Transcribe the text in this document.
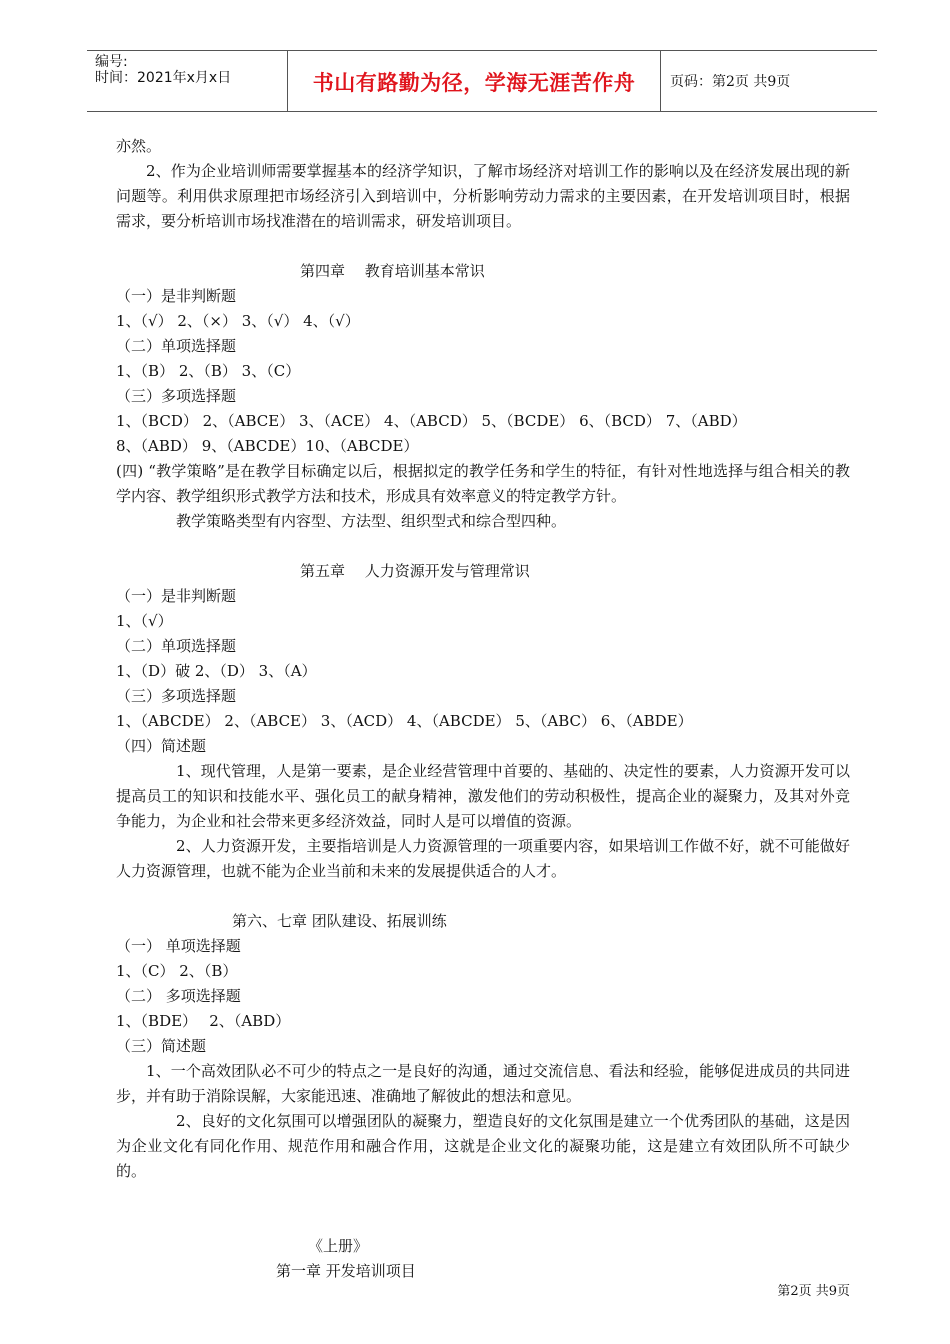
编号:
时间：2021年x月x日	书山有路勤为径，学海无涯苦作舟	页码：第2页 共9页

亦然。

2、作为企业培训师需要掌握基本的经济学知识，了解市场经济对培训工作的影响以及在经济发展出现的新问题等。利用供求原理把市场经济引入到培训中，分析影响劳动力需求的主要因素，在开发培训项目时，根据需求，要分析培训市场找准潜在的培训需求，研发培训项目。

第四章　 教育培训基本常识

（一）是非判断题

1、（√） 2、（×） 3、（√） 4、（√）

（二）单项选择题

1、（B） 2、（B） 3、（C）

（三）多项选择题

1、（BCD） 2、（ABCE） 3、（ACE） 4、（ABCD） 5、（BCDE） 6、（BCD） 7、（ABD）

8、（ABD） 9、（ABCDE）10、（ABCDE）

(四) “教学策略”是在教学目标确定以后，根据拟定的教学任务和学生的特征，有针对性地选择与组合相关的教学内容、教学组织形式教学方法和技术，形成具有效率意义的特定教学方针。

教学策略类型有内容型、方法型、组织型式和综合型四种。

第五章　 人力资源开发与管理常识

（一）是非判断题

1、（√）

（二）单项选择题

1、（D）破 2、（D） 3、（A）

（三）多项选择题

1、（ABCDE） 2、（ABCE） 3、（ACD） 4、（ABCDE） 5、（ABC） 6、（ABDE）

（四）简述题

1、现代管理，人是第一要素，是企业经营管理中首要的、基础的、决定性的要素，人力资源开发可以提高员工的知识和技能水平、强化员工的献身精神，激发他们的劳动积极性，提高企业的凝聚力，及其对外竞争能力，为企业和社会带来更多经济效益，同时人是可以增值的资源。

2、人力资源开发，主要指培训是人力资源管理的一项重要内容，如果培训工作做不好，就不可能做好人力资源管理，也就不能为企业当前和未来的发展提供适合的人才。

第六、七章 团队建设、拓展训练

（一） 单项选择题

1、（C） 2、（B）

（二） 多项选择题

1、（BDE）　 2、（ABD）

（三）简述题

1、一个高效团队必不可少的特点之一是良好的沟通，通过交流信息、看法和经验，能够促进成员的共同进步，并有助于消除误解，大家能迅速、准确地了解彼此的想法和意见。

2、良好的文化氛围可以增强团队的凝聚力，塑造良好的文化氛围是建立一个优秀团队的基础，这是因为企业文化有同化作用、规范作用和融合作用，这就是企业文化的凝聚功能，这是建立有效团队所不可缺少的。

《上册》

第一章 开发培训项目

第2页 共9页
